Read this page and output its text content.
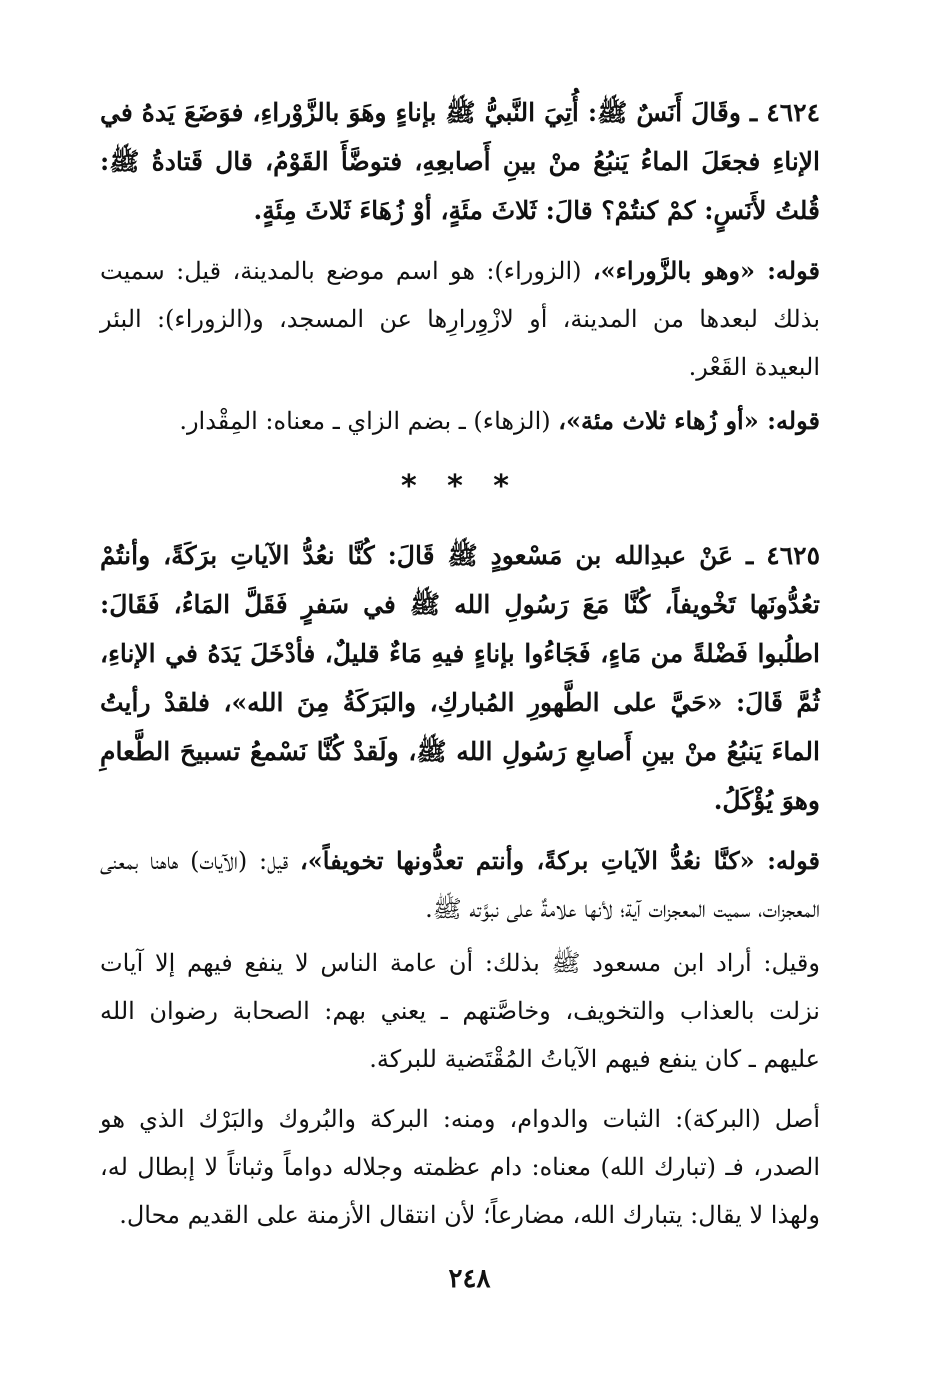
٤٦٢٤ ـ وقَالَ أَنَسٌ ﷺ: أُتِيَ النَّبيُّ ﷺ بإناءٍ وهَوَ بالزَّوْراءِ، فوَضَعَ يَدهُ في الإناءِ فجعَلَ الماءُ يَنبُعُ منْ بينِ أَصابعِهِ، فتوضَّأَ القَوْمُ، قال قَتادةُ ﷺ: قُلتُ لأَنَسٍ: كمْ كنتُمْ؟ قالَ: ثَلاثَ مئَةٍ، أوْ زُهَاءَ ثَلاثَ مِئَةٍ.

قوله: «وهو بالزَّوراء»، (الزوراء): هو اسم موضع بالمدينة، قيل: سميت بذلك لبعدها من المدينة، أو لازْوِرارِها عن المسجد، و(الزوراء): البئر البعيدة القَعْر.

قوله: «أو زُهاء ثلاث مئة»، (الزهاء) ـ بضم الزاي ـ معناه: المِقْدار.

* * *

٤٦٢٥ ـ عَنْ عبدِالله بن مَسْعودٍ ﷺ قَالَ: كُنَّا نعُدُّ الآياتِ برَكَةً، وأنتُمْ تعُدُّونَها تَخْويفاً، كُنَّا مَعَ رَسُولِ الله ﷺ في سَفرٍ فَقَلَّ المَاءُ، فَقَالَ: اطلُبوا فَضْلةً من مَاءٍ، فَجَاءُوا بإناءٍ فيهِ مَاءٌ قليلٌ، فأدْخَلَ يَدَهُ في الإناءِ، ثُمَّ قَالَ: «حَيَّ على الطَّهورِ المُباركِ، والبَرَكَةُ مِنَ الله»، فلقدْ رأيتُ الماءَ يَنبُعُ منْ بينِ أَصابعِ رَسُولِ الله ﷺ، ولَقدْ كُنَّا نَسْمعُ تسبيحَ الطَّعامِ وهوَ يُؤْكَلُ.

قوله: «كنَّا نعُدُّ الآياتِ بركةً، وأنتم تعدُّونها تخويفاً»، قيل: (الآيات) هاهنا بمعنى المعجزات، سميت المعجزات آية؛ لأنها علامةٌ على نبوَّته ﷺ.

وقيل: أراد ابن مسعود ﷺ بذلك: أن عامة الناس لا ينفع فيهم إلا آيات نزلت بالعذاب والتخويف، وخاصَّتهم ـ يعني بهم: الصحابة رضوان الله عليهم ـ كان ينفع فيهم الآياتُ المُقْتَضية للبركة.

أصل (البركة): الثبات والدوام، ومنه: البركة والبُروك والبَرْك الذي هو الصدر، فـ (تبارك الله) معناه: دام عظمته وجلاله دواماً وثباتاً لا إبطال له، ولهذا لا يقال: يتبارك الله، مضارعاً؛ لأن انتقال الأزمنة على القديم محال.

٢٤٨
